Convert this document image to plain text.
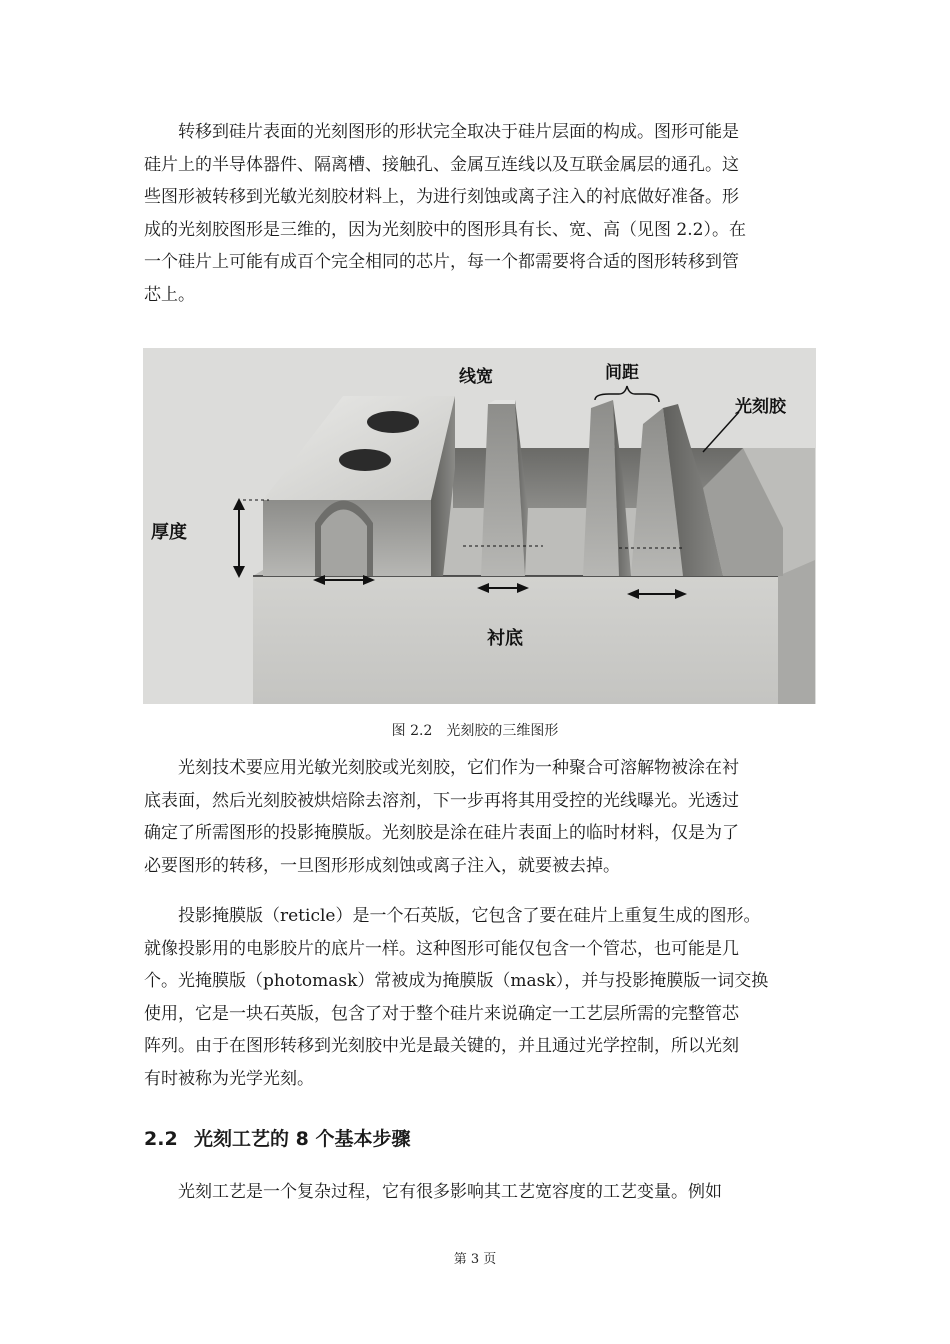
　　转移到硅片表面的光刻图形的形状完全取决于硅片层面的构成。图形可能是
硅片上的半导体器件、隔离槽、接触孔、金属互连线以及互联金属层的通孔。这
些图形被转移到光敏光刻胶材料上，为进行刻蚀或离子注入的衬底做好准备。形
成的光刻胶图形是三维的，因为光刻胶中的图形具有长、宽、高（见图 2.2）。在
一个硅片上可能有成百个完全相同的芯片，每一个都需要将合适的图形转移到管
芯上。
线宽	间距
光刻胶
厚度
衬底
图 2.2　光刻胶的三维图形
　　光刻技术要应用光敏光刻胶或光刻胶，它们作为一种聚合可溶解物被涂在衬
底表面，然后光刻胶被烘焙除去溶剂，下一步再将其用受控的光线曝光。光透过
确定了所需图形的投影掩膜版。光刻胶是涂在硅片表面上的临时材料，仅是为了
必要图形的转移，一旦图形形成刻蚀或离子注入，就要被去掉。
　　投影掩膜版（reticle）是一个石英版，它包含了要在硅片上重复生成的图形。
就像投影用的电影胶片的底片一样。这种图形可能仅包含一个管芯，也可能是几
个。光掩膜版（photomask）常被成为掩膜版（mask），并与投影掩膜版一词交换
使用，它是一块石英版，包含了对于整个硅片来说确定一工艺层所需的完整管芯
阵列。由于在图形转移到光刻胶中光是最关键的，并且通过光学控制，所以光刻
有时被称为光学光刻。
2.2 光刻工艺的 8 个基本步骤
　　光刻工艺是一个复杂过程，它有很多影响其工艺宽容度的工艺变量。例如
第 3 页
